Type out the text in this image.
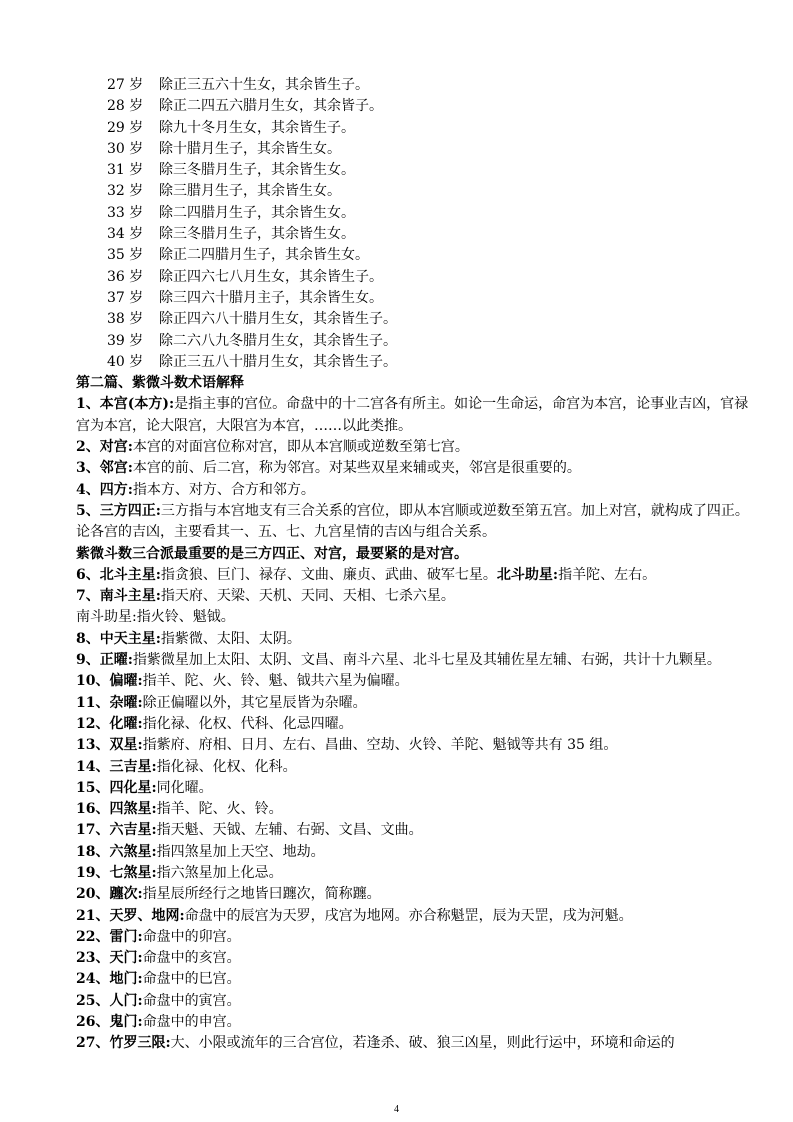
27 岁 除正三五六十生女，其余皆生子。
28 岁 除正二四五六腊月生女，其余皆子。
29 岁 除九十冬月生女，其余皆生子。
30 岁 除十腊月生子，其余皆生女。
31 岁 除三冬腊月生子，其余皆生女。
32 岁 除三腊月生子，其余皆生女。
33 岁 除二四腊月生子，其余皆生女。
34 岁 除三冬腊月生子，其余皆生女。
35 岁 除正二四腊月生子，其余皆生女。
36 岁 除正四六七八月生女，其余皆生子。
37 岁 除三四六十腊月主子，其余皆生女。
38 岁 除正四六八十腊月生女，其余皆生子。
39 岁 除二六八九冬腊月生女，其余皆生子。
40 岁 除正三五八十腊月生女，其余皆生子。
第二篇、紫微斗数术语解释
1、本宫(本方):是指主事的宫位。命盘中的十二宫各有所主。如论一生命运，命宫为本宫，论事业吉凶，官禄宫为本宫，论大限宫，大限宫为本宫，……以此类推。
2、对宫:本宫的对面宫位称对宫，即从本宫顺或逆数至第七宫。
3、邻宫:本宫的前、后二宫，称为邻宫。对某些双星来辅或夹，邻宫是很重要的。
4、四方:指本方、对方、合方和邻方。
5、三方四正:三方指与本宫地支有三合关系的宫位，即从本宫顺或逆数至第五宫。加上对宫，就构成了四正。论各宫的吉凶，主要看其一、五、七、九宫星情的吉凶与组合关系。
紫微斗数三合派最重要的是三方四正、对宫，最要紧的是对宫。
6、北斗主星:指贪狼、巨门、禄存、文曲、廉贞、武曲、破军七星。北斗助星:指羊陀、左右。
7、南斗主星:指天府、天梁、天机、天同、天相、七杀六星。
南斗助星:指火铃、魁钺。
8、中天主星:指紫微、太阳、太阴。
9、正曜:指紫微星加上太阳、太阴、文昌、南斗六星、北斗七星及其辅佐星左辅、右弼，共计十九颗星。
10、偏曜:指羊、陀、火、铃、魁、钺共六星为偏曜。
11、杂曜:除正偏曜以外，其它星辰皆为杂曜。
12、化曜:指化禄、化权、代科、化忌四曜。
13、双星:指紫府、府相、日月、左右、昌曲、空劫、火铃、羊陀、魁钺等共有 35 组。
14、三吉星:指化禄、化权、化科。
15、四化星:同化曜。
16、四煞星:指羊、陀、火、铃。
17、六吉星:指天魁、天钺、左辅、右弼、文昌、文曲。
18、六煞星:指四煞星加上天空、地劫。
19、七煞星:指六煞星加上化忌。
20、躔次:指星辰所经行之地皆曰躔次，简称躔。
21、天罗、地网:命盘中的辰宫为天罗，戌宫为地网。亦合称魁罡，辰为天罡，戌为河魁。
22、雷门:命盘中的卯宫。
23、天门:命盘中的亥宫。
24、地门:命盘中的巳宫。
25、人门:命盘中的寅宫。
26、鬼门:命盘中的申宫。
27、竹罗三限:大、小限或流年的三合宫位，若逢杀、破、狼三凶星，则此行运中，环境和命运的
4
